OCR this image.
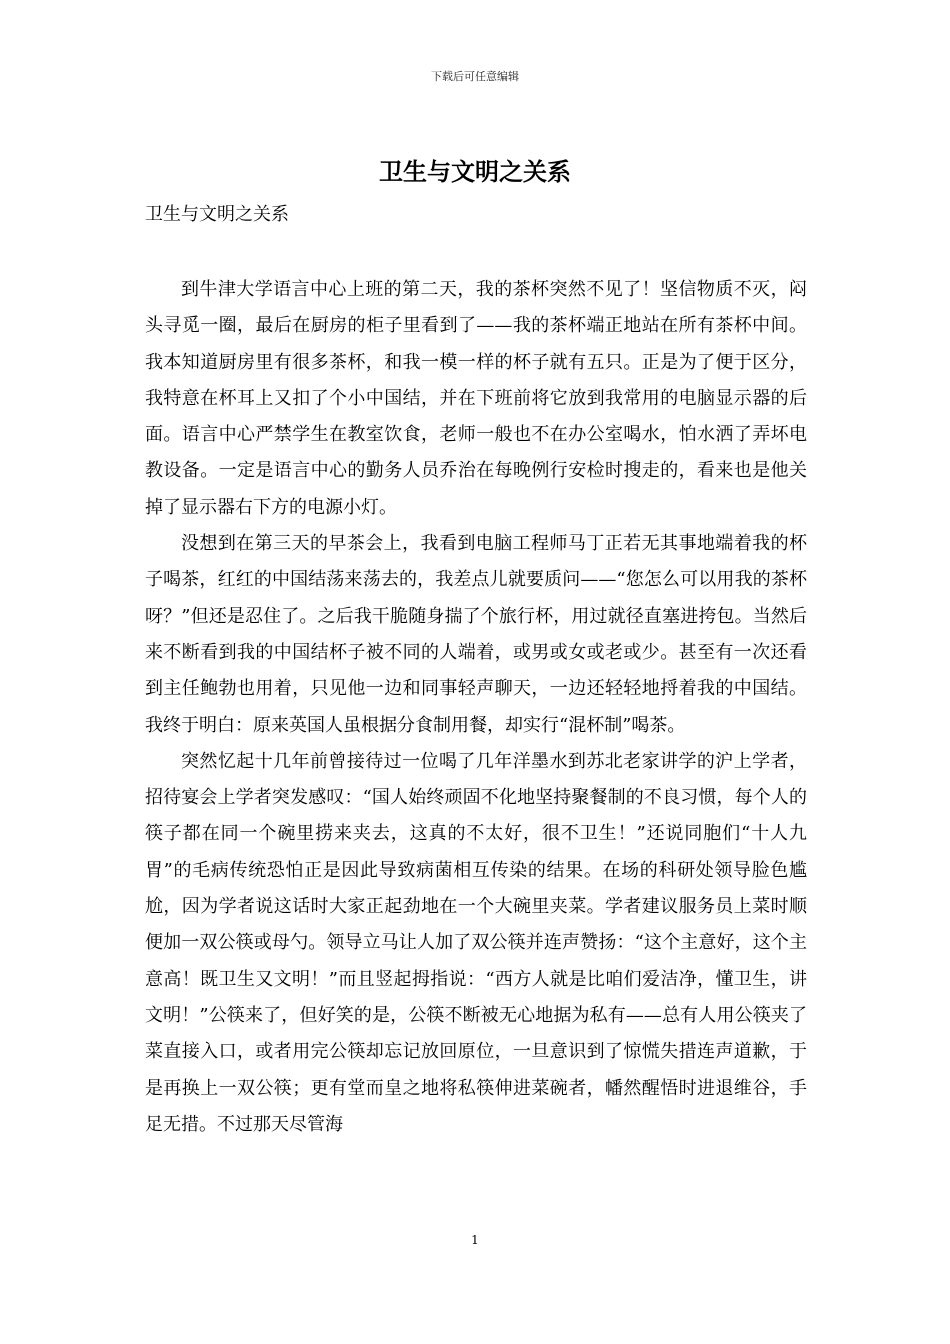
下载后可任意编辑
卫生与文明之关系

卫生与文明之关系

到牛津大学语言中心上班的第二天，我的茶杯突然不见了！坚信物质不灭，闷头寻觅一圈，最后在厨房的柜子里看到了——我的茶杯端正地站在所有茶杯中间。我本知道厨房里有很多茶杯，和我一模一样的杯子就有五只。正是为了便于区分，我特意在杯耳上又扣了个小中国结，并在下班前将它放到我常用的电脑显示器的后面。语言中心严禁学生在教室饮食，老师一般也不在办公室喝水，怕水洒了弄坏电教设备。一定是语言中心的勤务人员乔治在每晚例行安检时搜走的，看来也是他关掉了显示器右下方的电源小灯。

没想到在第三天的早茶会上，我看到电脑工程师马丁正若无其事地端着我的杯子喝茶，红红的中国结荡来荡去的，我差点儿就要质问——“您怎么可以用我的茶杯呀？”但还是忍住了。之后我干脆随身揣了个旅行杯，用过就径直塞进挎包。当然后来不断看到我的中国结杯子被不同的人端着，或男或女或老或少。甚至有一次还看到主任鲍勃也用着，只见他一边和同事轻声聊天，一边还轻轻地捋着我的中国结。我终于明白：原来英国人虽根据分食制用餐，却实行“混杯制”喝茶。

突然忆起十几年前曾接待过一位喝了几年洋墨水到苏北老家讲学的沪上学者，招待宴会上学者突发感叹：“国人始终顽固不化地坚持聚餐制的不良习惯，每个人的筷子都在同一个碗里捞来夹去，这真的不太好，很不卫生！”还说同胞们“十人九胃”的毛病传统恐怕正是因此导致病菌相互传染的结果。在场的科研处领导脸色尴尬，因为学者说这话时大家正起劲地在一个大碗里夹菜。学者建议服务员上菜时顺便加一双公筷或母勺。领导立马让人加了双公筷并连声赞扬：“这个主意好，这个主意高！既卫生又文明！”而且竖起拇指说：“西方人就是比咱们爱洁净，懂卫生，讲文明！”公筷来了，但好笑的是，公筷不断被无心地据为私有——总有人用公筷夹了菜直接入口，或者用完公筷却忘记放回原位，一旦意识到了惊慌失措连声道歉，于是再换上一双公筷；更有堂而皇之地将私筷伸进菜碗者，幡然醒悟时进退维谷，手足无措。不过那天尽管海

1
